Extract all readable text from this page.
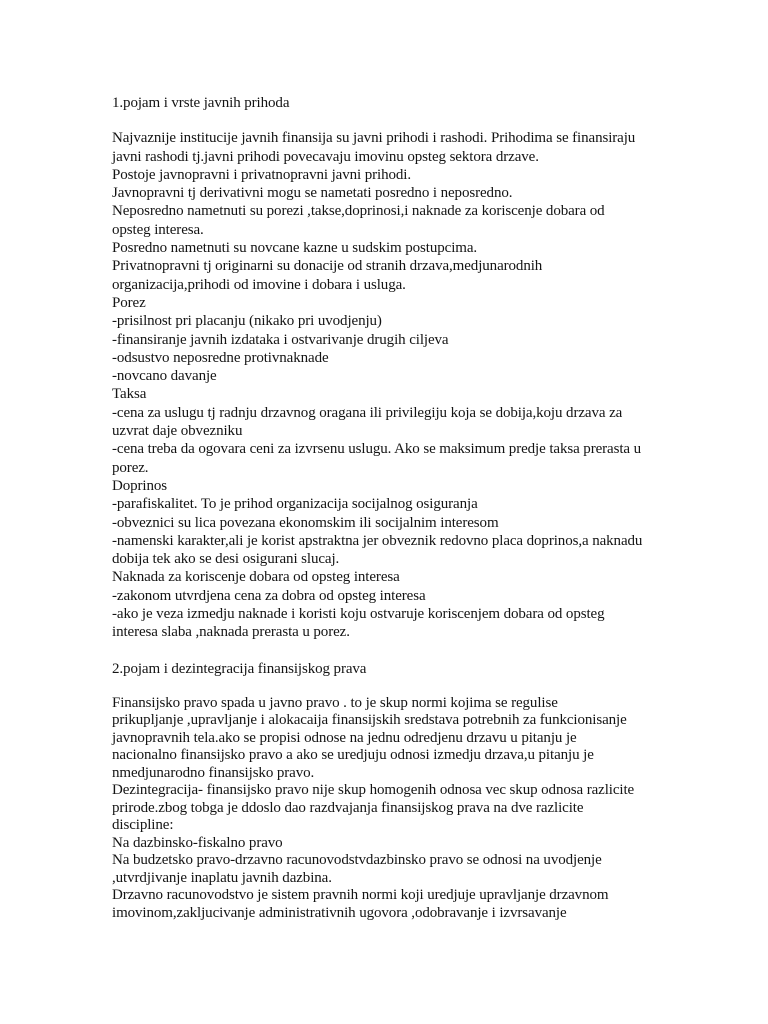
1.pojam i vrste javnih prihoda
Najvaznije institucije javnih finansija su javni prihodi i rashodi. Prihodima se finansiraju
javni rashodi tj.javni prihodi povecavaju imovinu opsteg sektora drzave.
Postoje javnopravni i privatnopravni javni prihodi.
Javnopravni tj derivativni mogu se nametati posredno i neposredno.
Neposredno nametnuti su porezi ,takse,doprinosi,i naknade za koriscenje dobara od
opsteg interesa.
Posredno nametnuti su novcane kazne u sudskim postupcima.
Privatnopravni tj originarni su donacije od stranih drzava,medjunarodnih
organizacija,prihodi od imovine i dobara i usluga.
Porez
-prisilnost pri placanju (nikako pri uvodjenju)
-finansiranje javnih izdataka i ostvarivanje drugih ciljeva
-odsustvo neposredne protivnaknade
-novcano davanje
Taksa
-cena za uslugu tj radnju drzavnog oragana ili privilegiju koja se dobija,koju drzava za
uzvrat daje obvezniku
-cena treba da ogovara ceni za izvrsenu uslugu. Ako se maksimum predje taksa prerasta u
porez.
Doprinos
-parafiskalitet. To je prihod organizacija socijalnog osiguranja
-obveznici su lica povezana ekonomskim ili socijalnim interesom
-namenski karakter,ali je korist apstraktna jer obveznik redovno placa doprinos,a naknadu
dobija tek ako se desi osigurani slucaj.
Naknada za koriscenje dobara od opsteg interesa
-zakonom utvrdjena cena za dobra od opsteg interesa
-ako je veza izmedju naknade i koristi koju ostvaruje koriscenjem dobara od opsteg
interesa slaba ,naknada prerasta u porez.
2.pojam i dezintegracija finansijskog prava
Finansijsko pravo spada u javno pravo . to je skup normi kojima se regulise
prikupljanje ,upravljanje i alokacaija finansijskih sredstava potrebnih za funkcionisanje
javnopravnih tela.ako se propisi odnose na jednu odredjenu drzavu u pitanju je
nacionalno finansijsko pravo a ako se uredjuju odnosi izmedju drzava,u pitanju je
nmedjunarodno finansijsko pravo.
Dezintegracija- finansijsko pravo nije skup homogenih odnosa vec skup odnosa razlicite
prirode.zbog tobga je ddoslo dao razdvajanja finansijskog prava na dve razlicite
discipline:
Na dazbinsko-fiskalno pravo
Na budzetsko pravo-drzavno racunovodstvdazbinsko pravo se odnosi na uvodjenje
,utvrdjivanje inaplatu javnih dazbina.
Drzavno racunovodstvo je sistem pravnih normi koji uredjuje upravljanje drzavnom
imovinom,zakljucivanje administrativnih ugovora ,odobravanje i izvrsavanje
